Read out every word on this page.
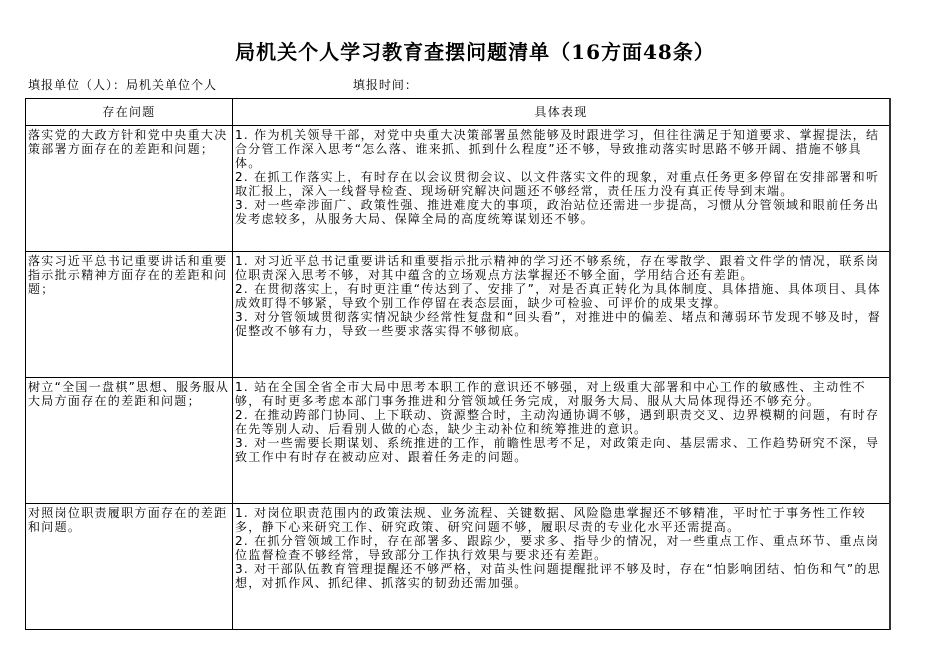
局机关个人学习教育查摆问题清单（16方面48条）
填报单位（人）：局机关单位个人	填报时间：
存在问题	具体表现
落实党的大政方针和党中央重大决策部署方面存在的差距和问题；	1. 作为机关领导干部，对党中央重大决策部署虽然能够及时跟进学习，但往往满足于知道要求、掌握提法，结合分管工作深入思考“怎么落、谁来抓、抓到什么程度”还不够，导致推动落实时思路不够开阔、措施不够具体。
2. 在抓工作落实上，有时存在以会议贯彻会议、以文件落实文件的现象，对重点任务更多停留在安排部署和听取汇报上，深入一线督导检查、现场研究解决问题还不够经常，责任压力没有真正传导到末端。
3. 对一些牵涉面广、政策性强、推进难度大的事项，政治站位还需进一步提高，习惯从分管领域和眼前任务出发考虑较多，从服务大局、保障全局的高度统筹谋划还不够。

落实习近平总书记重要讲话和重要指示批示精神方面存在的差距和问题；	1. 对习近平总书记重要讲话和重要指示批示精神的学习还不够系统，存在零散学、跟着文件学的情况，联系岗位职责深入思考不够，对其中蕴含的立场观点方法掌握还不够全面，学用结合还有差距。
2. 在贯彻落实上，有时更注重“传达到了、安排了”，对是否真正转化为具体制度、具体措施、具体项目、具体成效盯得不够紧，导致个别工作停留在表态层面，缺少可检验、可评价的成果支撑。
3. 对分管领域贯彻落实情况缺少经常性复盘和“回头看”，对推进中的偏差、堵点和薄弱环节发现不够及时，督促整改不够有力，导致一些要求落实得不够彻底。

树立“全国一盘棋”思想、服务服从大局方面存在的差距和问题；	1. 站在全国全省全市大局中思考本职工作的意识还不够强，对上级重大部署和中心工作的敏感性、主动性不够，有时更多考虑本部门事务推进和分管领域任务完成，对服务大局、服从大局体现得还不够充分。
2. 在推动跨部门协同、上下联动、资源整合时，主动沟通协调不够，遇到职责交叉、边界模糊的问题，有时存在先等别人动、后看别人做的心态，缺少主动补位和统筹推进的意识。
3. 对一些需要长期谋划、系统推进的工作，前瞻性思考不足，对政策走向、基层需求、工作趋势研究不深，导致工作中有时存在被动应对、跟着任务走的问题。

对照岗位职责履职方面存在的差距和问题。	1. 对岗位职责范围内的政策法规、业务流程、关键数据、风险隐患掌握还不够精准，平时忙于事务性工作较多，静下心来研究工作、研究政策、研究问题不够，履职尽责的专业化水平还需提高。
2. 在抓分管领域工作时，存在部署多、跟踪少，要求多、指导少的情况，对一些重点工作、重点环节、重点岗位监督检查不够经常，导致部分工作执行效果与要求还有差距。
3. 对干部队伍教育管理提醒还不够严格，对苗头性问题提醒批评不够及时，存在“怕影响团结、怕伤和气”的思想，对抓作风、抓纪律、抓落实的韧劲还需加强。
